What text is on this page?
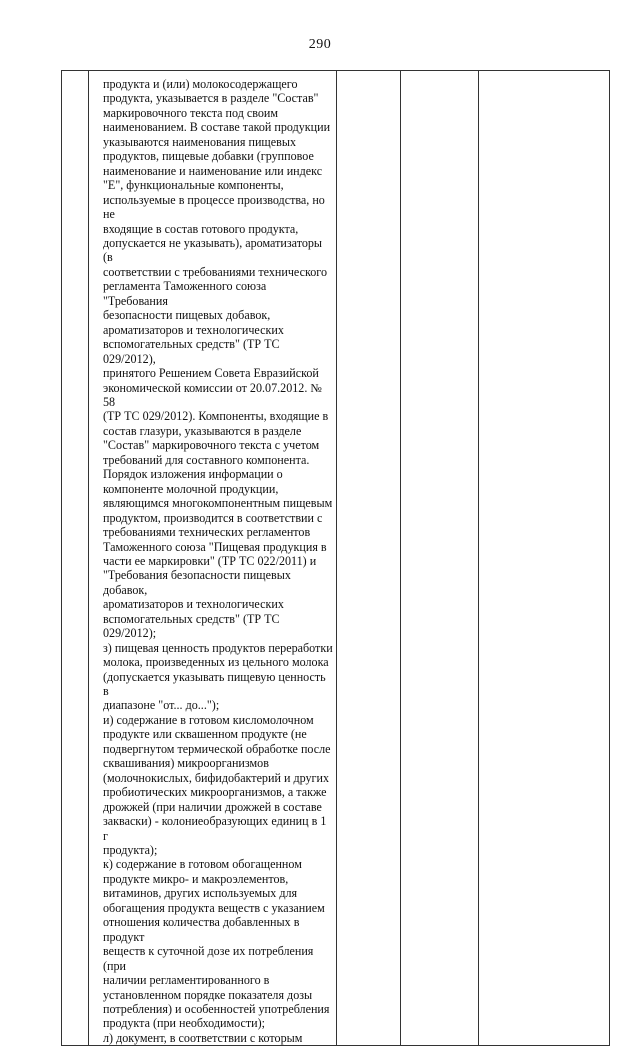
290

продукта и (или) молокосодержащего
продукта, указывается в разделе "Состав"
маркировочного текста под своим
наименованием. В составе такой продукции
указываются наименования пищевых
продуктов, пищевые добавки (групповое
наименование и наименование или индекс
"E", функциональные компоненты,
используемые в процессе производства, но не
входящие в состав готового продукта,
допускается не указывать), ароматизаторы (в
соответствии с требованиями технического
регламента Таможенного союза "Требования
безопасности пищевых добавок,
ароматизаторов и технологических
вспомогательных средств" (ТР ТС 029/2012),
принятого Решением Совета Евразийской
экономической комиссии от 20.07.2012. № 58
(ТР ТС 029/2012). Компоненты, входящие в
состав глазури, указываются в разделе
"Состав" маркировочного текста с учетом
требований для составного компонента.
Порядок изложения информации о
компоненте молочной продукции,
являющимся многокомпонентным пищевым
продуктом, производится в соответствии с
требованиями технических регламентов
Таможенного союза "Пищевая продукция в
части ее маркировки" (ТР ТС 022/2011) и
"Требования безопасности пищевых добавок,
ароматизаторов и технологических
вспомогательных средств" (ТР ТС 029/2012);
з) пищевая ценность продуктов переработки
молока, произведенных из цельного молока
(допускается указывать пищевую ценность в
диапазоне "от... до...");
и) содержание в готовом кисломолочном
продукте или сквашенном продукте (не
подвергнутом термической обработке после
сквашивания) микроорганизмов
(молочнокислых, бифидобактерий и других
пробиотических микроорганизмов, а также
дрожжей (при наличии дрожжей в составе
закваски) - колониеобразующих единиц в 1 г
продукта);
к) содержание в готовом обогащенном
продукте микро- и макроэлементов,
витаминов, других используемых для
обогащения продукта веществ с указанием
отношения количества добавленных в продукт
веществ к суточной дозе их потребления (при
наличии регламентированного в
установленном порядке показателя дозы
потребления) и особенностей употребления
продукта (при необходимости);
л) документ, в соответствии с которым
